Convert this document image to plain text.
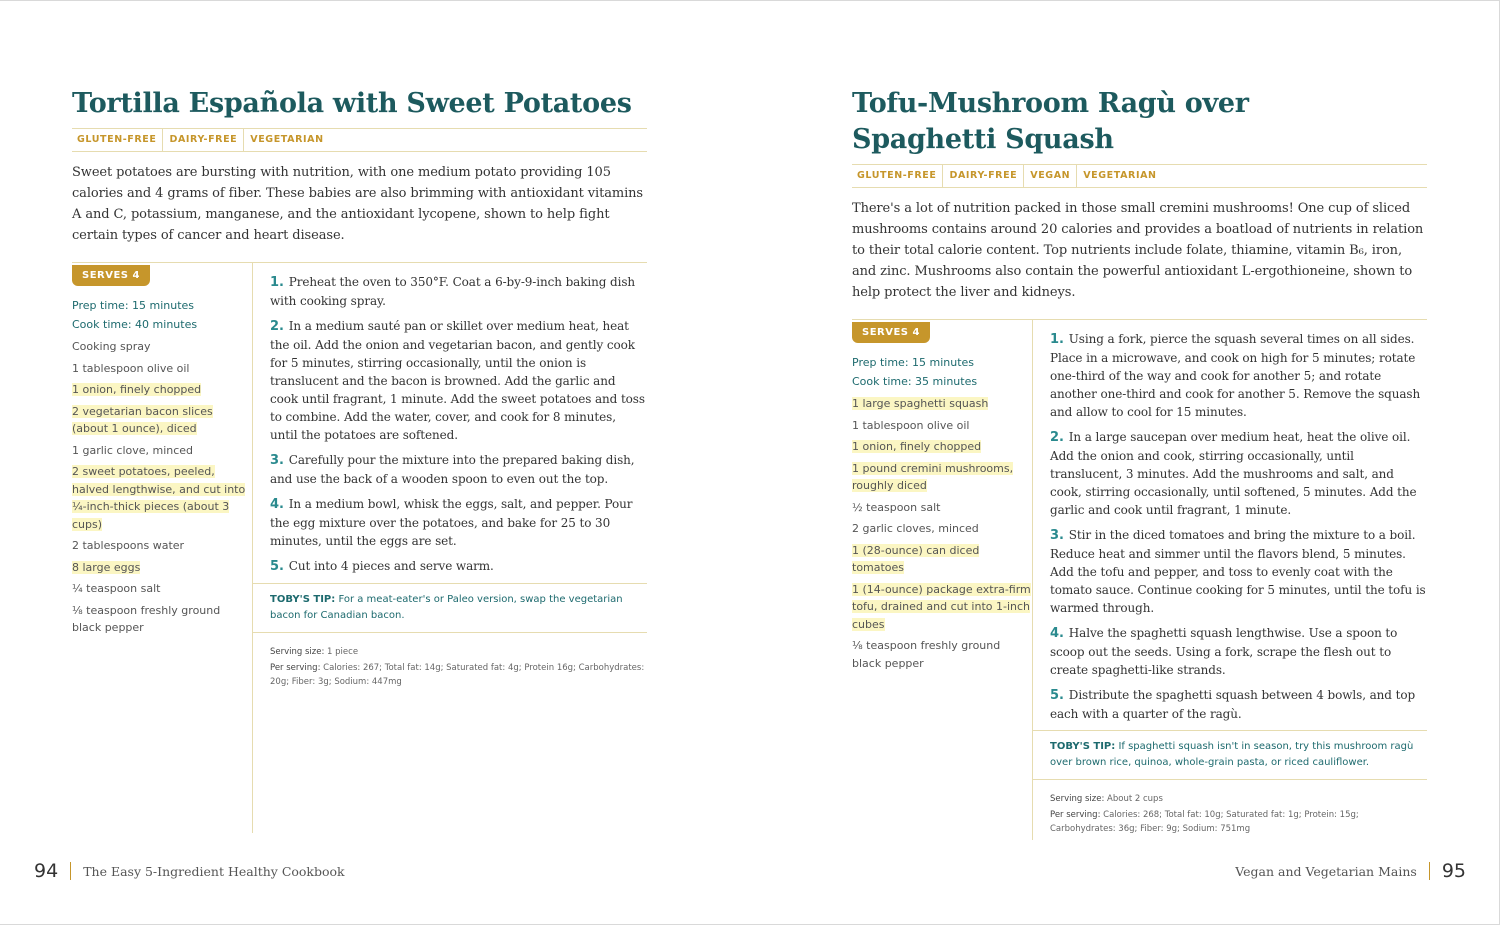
Tortilla Española with Sweet Potatoes
GLUTEN-FREE	DAIRY-FREE	VEGETARIAN

Sweet potatoes are bursting with nutrition, with one medium potato providing 105 calories and 4 grams of fiber. These babies are also brimming with antioxidant vitamins A and C, potassium, manganese, and the antioxidant lycopene, shown to help fight certain types of cancer and heart disease.

SERVES 4
Prep time: 15 minutes
Cook time: 40 minutes
Cooking spray
1 tablespoon olive oil
1 onion, finely chopped
2 vegetarian bacon slices (about 1 ounce), diced
1 garlic clove, minced
2 sweet potatoes, peeled, halved lengthwise, and cut into ¼-inch-thick pieces (about 3 cups)
2 tablespoons water
8 large eggs
¼ teaspoon salt
⅛ teaspoon freshly ground black pepper

1. Preheat the oven to 350°F. Coat a 6-by-9-inch baking dish with cooking spray.

2. In a medium sauté pan or skillet over medium heat, heat the oil. Add the onion and vegetarian bacon, and gently cook for 5 minutes, stirring occasionally, until the onion is translucent and the bacon is browned. Add the garlic and cook until fragrant, 1 minute. Add the sweet potatoes and toss to combine. Add the water, cover, and cook for 8 minutes, until the potatoes are softened.

3. Carefully pour the mixture into the prepared baking dish, and use the back of a wooden spoon to even out the top.

4. In a medium bowl, whisk the eggs, salt, and pepper. Pour the egg mixture over the potatoes, and bake for 25 to 30 minutes, until the eggs are set.

5. Cut into 4 pieces and serve warm.

TOBY'S TIP: For a meat-eater's or Paleo version, swap the vegetarian bacon for Canadian bacon.
Serving size: 1 piece
Per serving: Calories: 267; Total fat: 14g; Saturated fat: 4g; Protein 16g; Carbohydrates: 20g; Fiber: 3g; Sodium: 447mg
Tofu-Mushroom Ragù over Spaghetti Squash
GLUTEN-FREE	DAIRY-FREE	VEGAN	VEGETARIAN

There's a lot of nutrition packed in those small cremini mushrooms! One cup of sliced mushrooms contains around 20 calories and provides a boatload of nutrients in relation to their total calorie content. Top nutrients include folate, thiamine, vitamin B₆, iron, and zinc. Mushrooms also contain the powerful antioxidant L-ergothioneine, shown to help protect the liver and kidneys.

SERVES 4
Prep time: 15 minutes
Cook time: 35 minutes
1 large spaghetti squash
1 tablespoon olive oil
1 onion, finely chopped
1 pound cremini mushrooms, roughly diced
½ teaspoon salt
2 garlic cloves, minced
1 (28-ounce) can diced tomatoes
1 (14-ounce) package extra-firm tofu, drained and cut into 1-inch cubes
⅛ teaspoon freshly ground black pepper

1. Using a fork, pierce the squash several times on all sides. Place in a microwave, and cook on high for 5 minutes; rotate one-third of the way and cook for another 5; and rotate another one-third and cook for another 5. Remove the squash and allow to cool for 15 minutes.

2. In a large saucepan over medium heat, heat the olive oil. Add the onion and cook, stirring occasionally, until translucent, 3 minutes. Add the mushrooms and salt, and cook, stirring occasionally, until softened, 5 minutes. Add the garlic and cook until fragrant, 1 minute.

3. Stir in the diced tomatoes and bring the mixture to a boil. Reduce heat and simmer until the flavors blend, 5 minutes. Add the tofu and pepper, and toss to evenly coat with the tomato sauce. Continue cooking for 5 minutes, until the tofu is warmed through.

4. Halve the spaghetti squash lengthwise. Use a spoon to scoop out the seeds. Using a fork, scrape the flesh out to create spaghetti-like strands.

5. Distribute the spaghetti squash between 4 bowls, and top each with a quarter of the ragù.

TOBY'S TIP: If spaghetti squash isn't in season, try this mushroom ragù over brown rice, quinoa, whole-grain pasta, or riced cauliflower.
Serving size: About 2 cups
Per serving: Calories: 268; Total fat: 10g; Saturated fat: 1g; Protein: 15g; Carbohydrates: 36g; Fiber: 9g; Sodium: 751mg
94 The Easy 5-Ingredient Healthy Cookbook	Vegan and Vegetarian Mains 95
